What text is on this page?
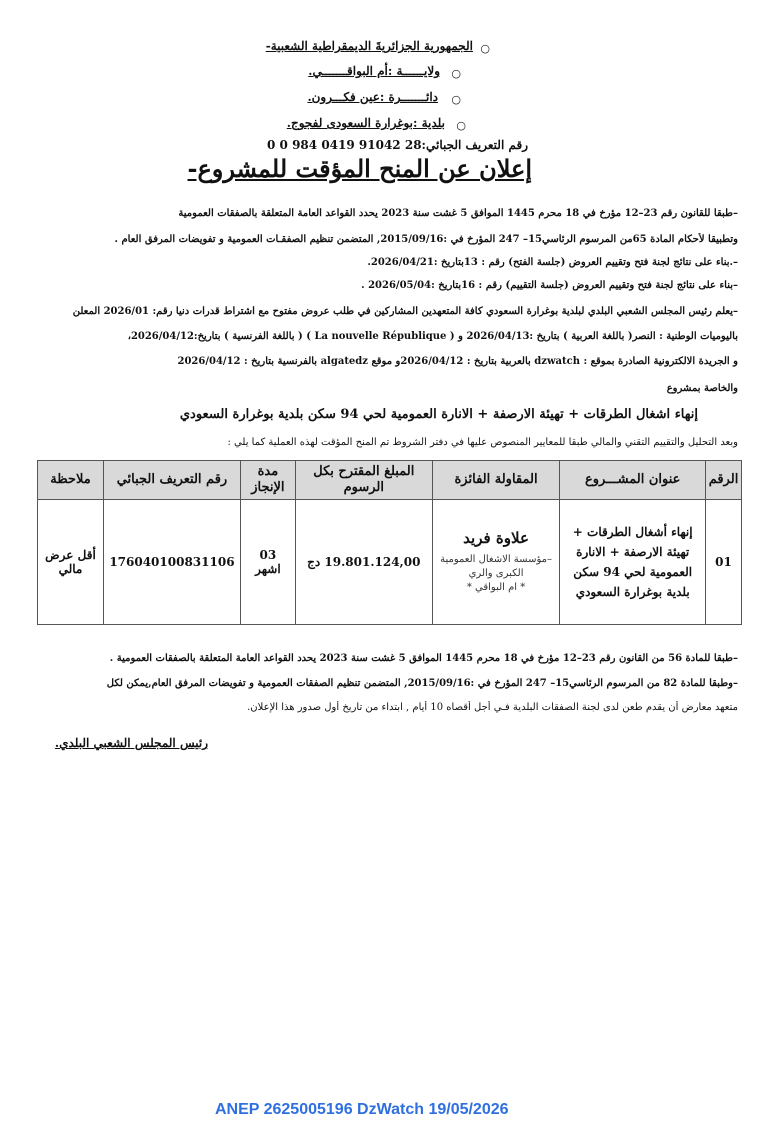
○
الجمهورية الجزائريةَ الديمقراطية الشعبية-
○
ولايــــــة :أم البواقـــــــي.
○
دائـــــــرة :عين فكـــرون.
○
بلدية :بوغرارة السعودى لفجوج.
رقم التعريف الجبائي:28 91042 0419 984 0 0
إعلان عن المنح المؤقت للمشروع-
–طبقا للقانون رقم 23–12 مؤرخ في 18 محرم 1445 الموافق 5 غشت سنة 2023 يحدد القواعد العامة المتعلقة بالصفقات العمومية
وتطبيقا لأحكام المادة 65من المرسوم الرئاسي15– 247 المؤرخ في :2015/09/16, المتضمن تنظيم الصفقـات العمومية و تفويضات المرفق العام .
–.بناء على نتائج لجنة فتح وتقييم العروض (جلسة الفتح) رقم : 13بتاريخ :2026/04/21.
–بناء على نتائج لجنة فتح وتقييم العروض (جلسة التقييم) رقم : 16بتاريخ :2026/05/04 .
–يعلم رئيس المجلس الشعبي البلدي لبلدية بوغرارة السعودي كافة المتعهدين المشاركين في طلب عروض مفتوح مع اشتراط قدرات دنيا رقم: 2026/01 المعلن
باليوميات الوطنية : النصر( باللغة العربية ) بتاريخ :2026/04/13 و ( La nouvelle République ) ( باللغة الفرنسية ) بتاريخ:2026/04/12،
و الجريدة الالكترونية الصادرة بموقع : dzwatch بالعربية بتاريخ : 2026/04/12و موقع algatedz بالفرنسية بتاريخ : 2026/04/12
والخاصة بمشروع
إنهاء اشغال الطرقات + تهيئة الارصفة + الانارة العمومية لحي 94 سكن بلدية بوغرارة السعودي
وبعد التحليل والتقييم التقني والمالي طبقا للمعايير المنصوص عليها في دفتر الشروط تم المنح المؤقت لهذه العملية كما يلي :
الرقم	عنوان المشـــروع	المقاولة الفائزة	المبلغ المقترح بكل الرسوم	مدة الإنجاز	رقم التعريف الجبائي	ملاحظة
01	إنهاء أشغال الطرقات + تهيئة الارصفة + الانارة العمومية لحي 94 سكن بلدية بوغرارة السعودي	علاوة فريد
–مؤسسة الاشغال العمومية
الكبرى والري
* ام البواقي *	19.801.124,00 دج	03 اشهر	176040100831106	أقل عرض مالي
–طبقا للمادة 56 من القانون رقم 23–12 مؤرخ في 18 محرم 1445 الموافق 5 غشت سنة 2023 يحدد القواعد العامة المتعلقة بالصفقات العمومية .
–وطبقا للمادة 82 من المرسوم الرئاسي15– 247 المؤرخ في :2015/09/16, المتضمن تنظيم الصفقات العمومية و تفويضات المرفق العام,يمكن لكل
متعهد معارض أن يقدم طعن لدى لجنة الصفقات البلدية فـي أجل أقصاه 10 أيام , ابتداء من تاريخ أول صدور هذا الإعلان.
رئيس المجلس الشعبي البلدي.
ANEP 2625005196 DzWatch 19/05/2026
